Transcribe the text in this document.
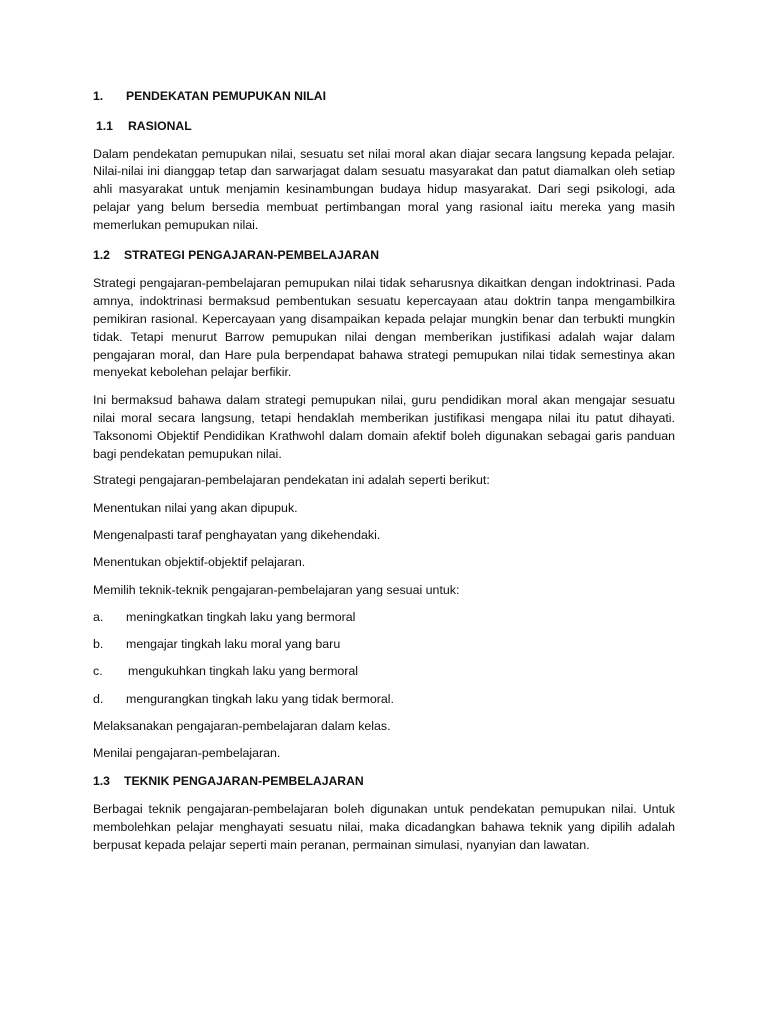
1. PENDEKATAN PEMUPUKAN NILAI
1.1 RASIONAL

Dalam pendekatan pemupukan nilai, sesuatu set nilai moral akan diajar secara langsung kepada pelajar. Nilai-nilai ini dianggap tetap dan sarwarjagat dalam sesuatu masyarakat dan patut diamalkan oleh setiap ahli masyarakat untuk menjamin kesinambungan budaya hidup masyarakat. Dari segi psikologi, ada pelajar yang belum bersedia membuat pertimbangan moral yang rasional iaitu mereka yang masih memerlukan pemupukan nilai.

1.2 STRATEGI PENGAJARAN-PEMBELAJARAN

Strategi pengajaran-pembelajaran pemupukan nilai tidak seharusnya dikaitkan dengan indoktrinasi. Pada amnya, indoktrinasi bermaksud pembentukan sesuatu kepercayaan atau doktrin tanpa mengambilkira pemikiran rasional. Kepercayaan yang disampaikan kepada pelajar mungkin benar dan terbukti mungkin tidak. Tetapi menurut Barrow pemupukan nilai dengan memberikan justifikasi adalah wajar dalam pengajaran moral, dan Hare pula berpendapat bahawa strategi pemupukan nilai tidak semestinya akan menyekat kebolehan pelajar berfikir.

Ini bermaksud bahawa dalam strategi pemupukan nilai, guru pendidikan moral akan mengajar sesuatu nilai moral secara langsung, tetapi hendaklah memberikan justifikasi mengapa nilai itu patut dihayati. Taksonomi Objektif Pendidikan Krathwohl dalam domain afektif boleh digunakan sebagai garis panduan bagi pendekatan pemupukan nilai.

Strategi pengajaran-pembelajaran pendekatan ini adalah seperti berikut:
Menentukan nilai yang akan dipupuk.
Mengenalpasti taraf penghayatan yang dikehendaki.
Menentukan objektif-objektif pelajaran.
Memilih teknik-teknik pengajaran-pembelajaran yang sesuai untuk:
a. meningkatkan tingkah laku yang bermoral
b. mengajar tingkah laku moral yang baru
c. mengukuhkan tingkah laku yang bermoral
d. mengurangkan tingkah laku yang tidak bermoral.
Melaksanakan pengajaran-pembelajaran dalam kelas.
Menilai pengajaran-pembelajaran.
1.3 TEKNIK PENGAJARAN-PEMBELAJARAN

Berbagai teknik pengajaran-pembelajaran boleh digunakan untuk pendekatan pemupukan nilai. Untuk membolehkan pelajar menghayati sesuatu nilai, maka dicadangkan bahawa teknik yang dipilih adalah berpusat kepada pelajar seperti main peranan, permainan simulasi, nyanyian dan lawatan.
